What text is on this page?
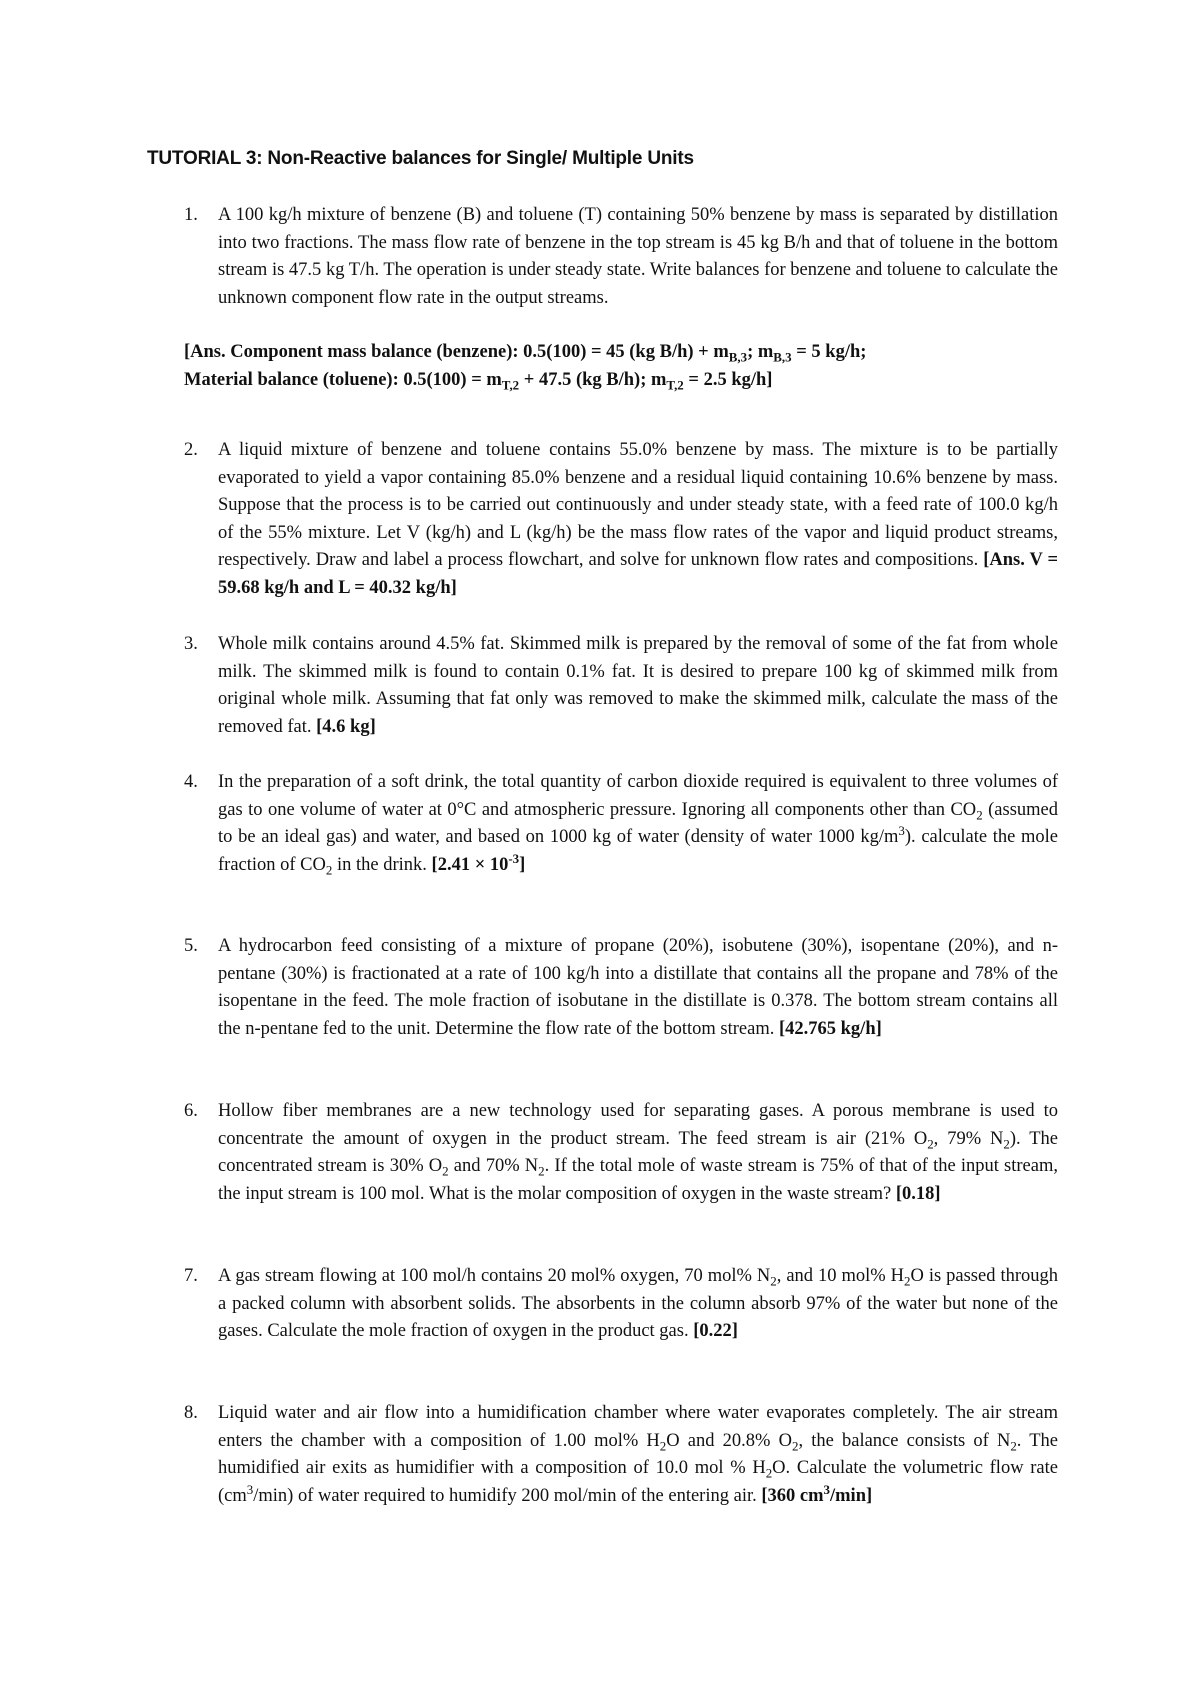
TUTORIAL 3: Non-Reactive balances for Single/ Multiple Units
1.	A 100 kg/h mixture of benzene (B) and toluene (T) containing 50% benzene by mass is separated by distillation into two fractions. The mass flow rate of benzene in the top stream is 45 kg B/h and that of toluene in the bottom stream is 47.5 kg T/h. The operation is under steady state. Write balances for benzene and toluene to calculate the unknown component flow rate in the output streams.
[Ans. Component mass balance (benzene): 0.5(100) = 45 (kg $B/h) + m_{B,3}$; $m_{B,3} = 5$ kg/h;
Material balance (toluene): $0.5(100) = m_{T,2} + 47.5$ (kg B/h); $m_{T,2} = 2.5$ kg/h]
2.	A liquid mixture of benzene and toluene contains 55.0% benzene by mass. The mixture is to be partially evaporated to yield a vapor containing 85.0% benzene and a residual liquid containing 10.6% benzene by mass. Suppose that the process is to be carried out continuously and under steady state, with a feed rate of 100.0 kg/h of the 55% mixture. Let V (kg/h) and L (kg/h) be the mass flow rates of the vapor and liquid product streams, respectively. Draw and label a process flowchart, and solve for unknown flow rates and compositions. [Ans. V = 59.68 kg/h and L = 40.32 kg/h]
3.	Whole milk contains around 4.5% fat. Skimmed milk is prepared by the removal of some of the fat from whole milk. The skimmed milk is found to contain 0.1% fat. It is desired to prepare 100 kg of skimmed milk from original whole milk. Assuming that fat only was removed to make the skimmed milk, calculate the mass of the removed fat. [4.6 kg]
4.	In the preparation of a soft drink, the total quantity of carbon dioxide required is equivalent to three volumes of gas to one volume of water at 0°C and atmospheric pressure. Ignoring all components other than $CO_2$ (assumed to be an ideal gas) and water, and based on 1000 kg of water (density of water 1000 $kg/m^3$). calculate the mole fraction of $CO_2$ in the drink. $[2.41 \times 10^{-3}]$
5.	A hydrocarbon feed consisting of a mixture of propane (20%), isobutene (30%), isopentane (20%), and n-pentane (30%) is fractionated at a rate of 100 kg/h into a distillate that contains all the propane and 78% of the isopentane in the feed. The mole fraction of isobutane in the distillate is 0.378. The bottom stream contains all the n-pentane fed to the unit. Determine the flow rate of the bottom stream. [42.765 kg/h]
6.	Hollow fiber membranes are a new technology used for separating gases. A porous membrane is used to concentrate the amount of oxygen in the product stream. The feed stream is air (21% $O_2$, 79% $N_2$). The concentrated stream is 30% $O_2$ and 70% $N_2$. If the total mole of waste stream is 75% of that of the input stream, the input stream is 100 mol. What is the molar composition of oxygen in the waste stream? [0.18]
7.	A gas stream flowing at 100 mol/h contains 20 mol% oxygen, 70 mol% $N_2$, and 10 mol% $H_2O$ is passed through a packed column with absorbent solids. The absorbents in the column absorb 97% of the water but none of the gases. Calculate the mole fraction of oxygen in the product gas. [0.22]
8.	Liquid water and air flow into a humidification chamber where water evaporates completely. The air stream enters the chamber with a composition of 1.00 mol% $H_2O$ and 20.8% $O_2$, the balance consists of $N_2$. The humidified air exits as humidifier with a composition of 10.0 mol % $H_2O$. Calculate the volumetric flow rate $(cm^3/\min)$ of water required to humidify 200 mol/min of the entering air. [360 $cm^3/\min$]
